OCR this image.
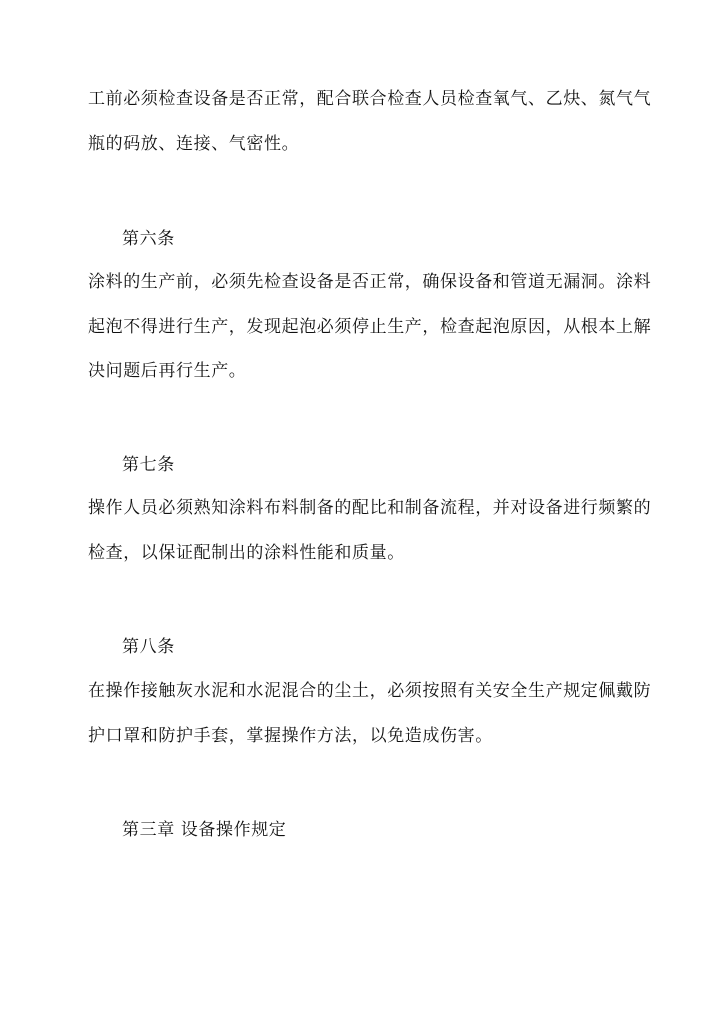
工前必须检查设备是否正常，配合联合检查人员检查氧气、乙炔、氮气气
瓶的码放、连接、气密性。
第六条
涂料的生产前，必须先检查设备是否正常，确保设备和管道无漏洞。涂料
起泡不得进行生产，发现起泡必须停止生产，检查起泡原因，从根本上解
决问题后再行生产。
第七条
操作人员必须熟知涂料布料制备的配比和制备流程，并对设备进行频繁的
检查，以保证配制出的涂料性能和质量。
第八条
在操作接触灰水泥和水泥混合的尘土，必须按照有关安全生产规定佩戴防
护口罩和防护手套，掌握操作方法，以免造成伤害。
第三章 设备操作规定
